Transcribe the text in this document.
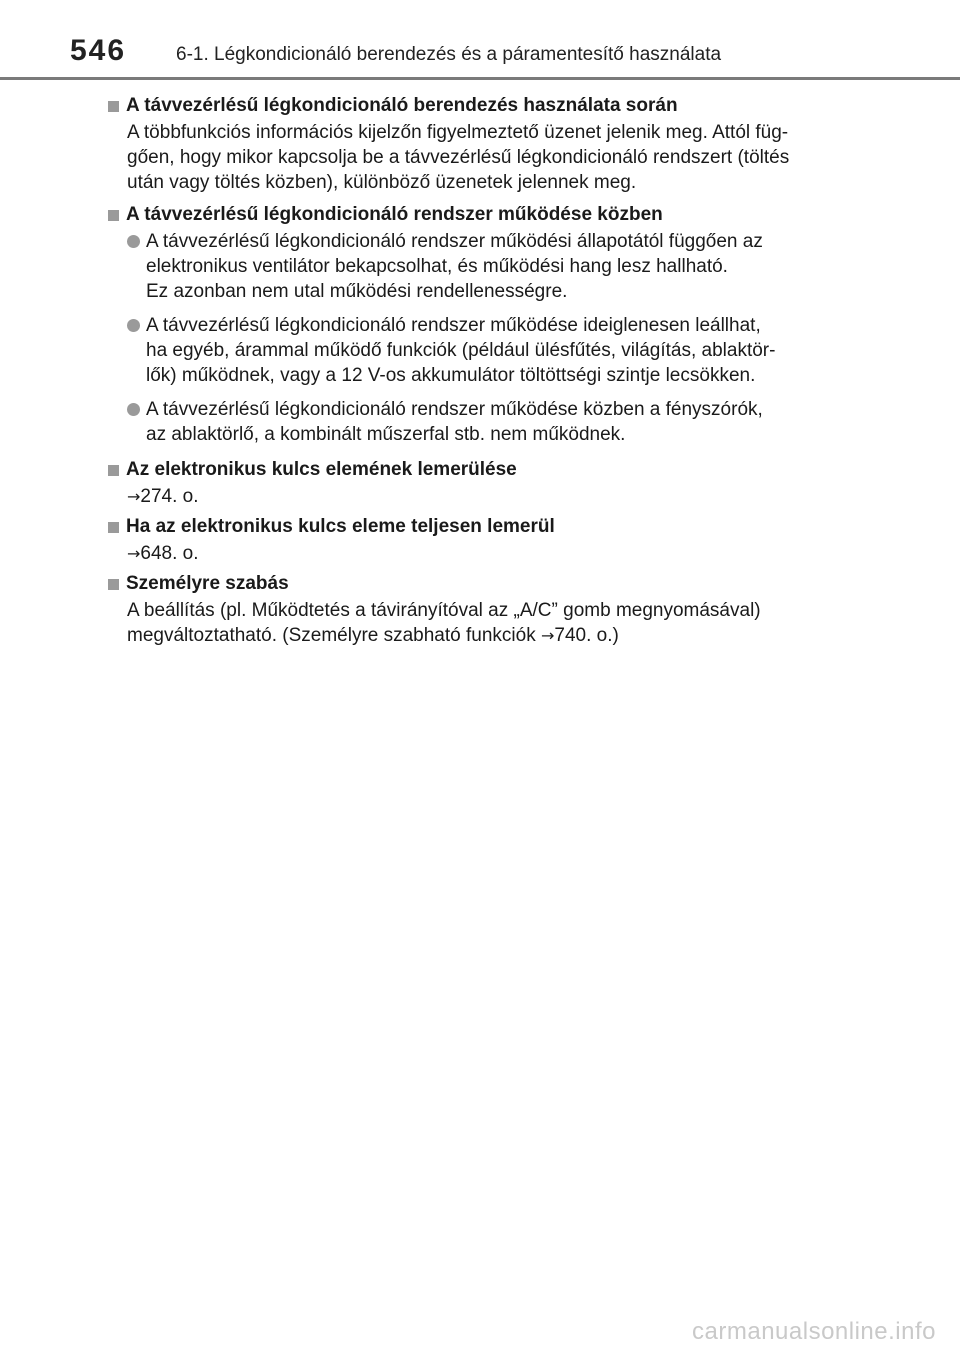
546	6-1. Légkondicionáló berendezés és a páramentesítő használata
A távvezérlésű légkondicionáló berendezés használata során
A többfunkciós információs kijelzőn figyelmeztető üzenet jelenik meg. Attól füg-
gően, hogy mikor kapcsolja be a távvezérlésű légkondicionáló rendszert (töltés
után vagy töltés közben), különböző üzenetek jelennek meg.
A távvezérlésű légkondicionáló rendszer működése közben
A távvezérlésű légkondicionáló rendszer működési állapotától függően az
elektronikus ventilátor bekapcsolhat, és működési hang lesz hallható.
Ez azonban nem utal működési rendellenességre.
A távvezérlésű légkondicionáló rendszer működése ideiglenesen leállhat,
ha egyéb, árammal működő funkciók (például ülésfűtés, világítás, ablaktör-
lők) működnek, vagy a 12 V-os akkumulátor töltöttségi szintje lecsökken.
A távvezérlésű légkondicionáló rendszer működése közben a fényszórók,
az ablaktörlő, a kombinált műszerfal stb. nem működnek.
Az elektronikus kulcs elemének lemerülése
→274. o.
Ha az elektronikus kulcs eleme teljesen lemerül
→648. o.
Személyre szabás
A beállítás (pl. Működtetés a távirányítóval az „A/C” gomb megnyomásával)
megváltoztatható. (Személyre szabható funkciók →740. o.)
carmanualsonline.info
